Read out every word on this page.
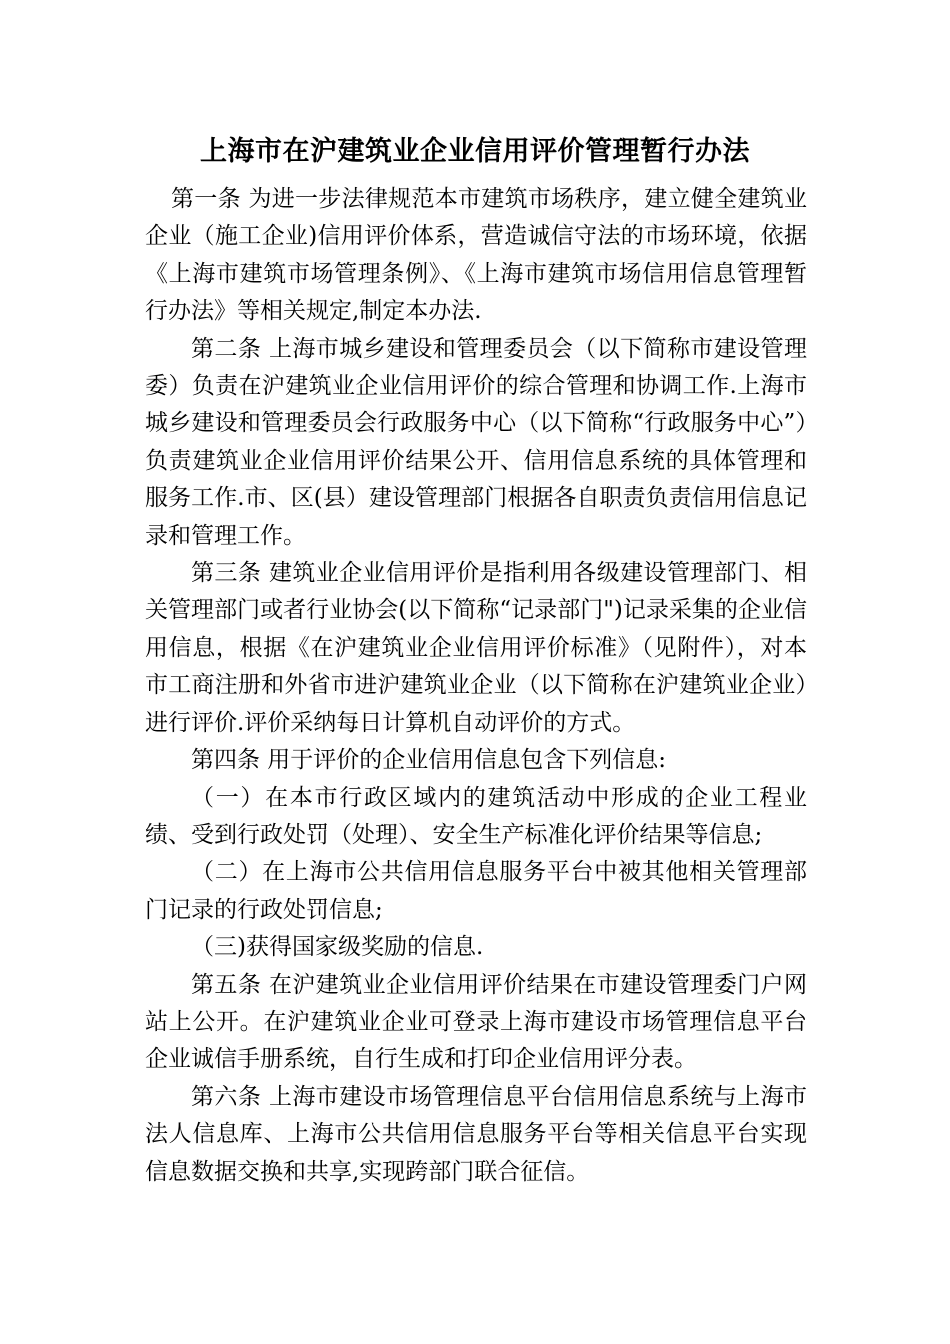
上海市在沪建筑业企业信用评价管理暂行办法

第一条 为进一步法律规范本市建筑市场秩序，建立健全建筑业企业（施工企业)信用评价体系，营造诚信守法的市场环境，依据《上海市建筑市场管理条例》、《上海市建筑市场信用信息管理暂行办法》等相关规定,制定本办法.

第二条 上海市城乡建设和管理委员会（以下简称市建设管理委）负责在沪建筑业企业信用评价的综合管理和协调工作.上海市城乡建设和管理委员会行政服务中心（以下简称“行政服务中心”）负责建筑业企业信用评价结果公开、信用信息系统的具体管理和服务工作.市、区(县）建设管理部门根据各自职责负责信用信息记录和管理工作。

第三条 建筑业企业信用评价是指利用各级建设管理部门、相关管理部门或者行业协会(以下简称“记录部门")记录采集的企业信用信息，根据《在沪建筑业企业信用评价标准》（见附件），对本市工商注册和外省市进沪建筑业企业（以下简称在沪建筑业企业）进行评价.评价采纳每日计算机自动评价的方式。

第四条 用于评价的企业信用信息包含下列信息:

（一）在本市行政区域内的建筑活动中形成的企业工程业绩、受到行政处罚（处理）、安全生产标准化评价结果等信息;

（二）在上海市公共信用信息服务平台中被其他相关管理部门记录的行政处罚信息;

（三)获得国家级奖励的信息.

第五条 在沪建筑业企业信用评价结果在市建设管理委门户网站上公开。在沪建筑业企业可登录上海市建设市场管理信息平台企业诚信手册系统，自行生成和打印企业信用评分表。

第六条 上海市建设市场管理信息平台信用信息系统与上海市法人信息库、上海市公共信用信息服务平台等相关信息平台实现信息数据交换和共享,实现跨部门联合征信。
